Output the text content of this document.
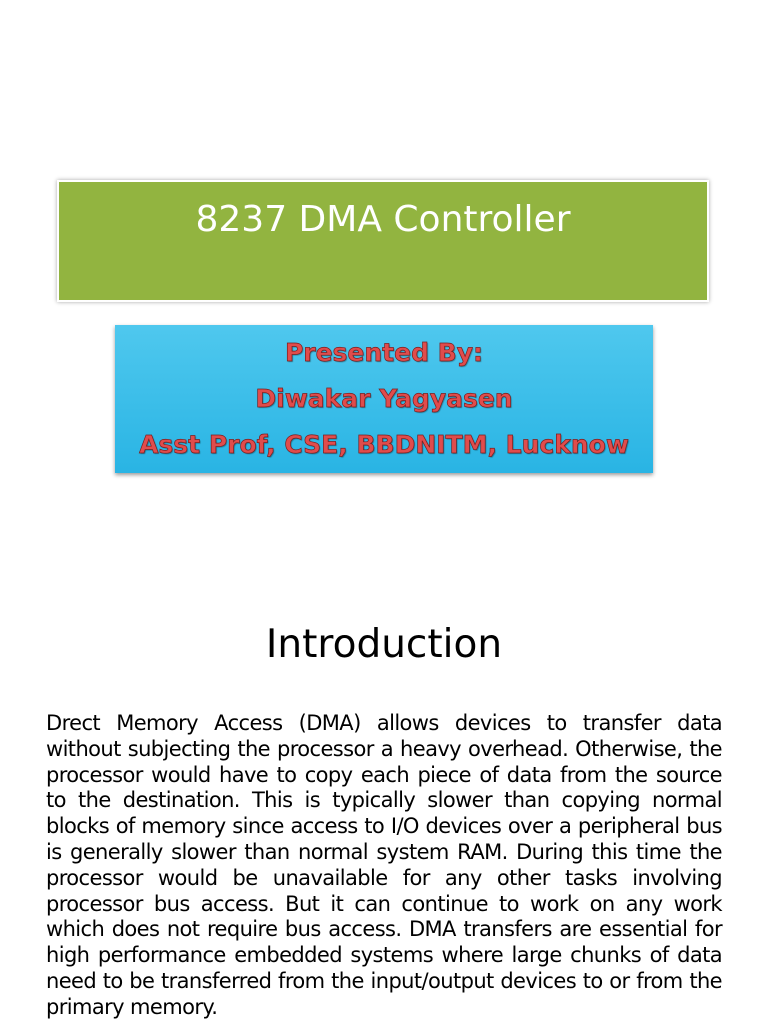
8237 DMA Controller
Presented By:
Diwakar Yagyasen
Asst Prof, CSE, BBDNITM, Lucknow
Introduction

Drect Memory Access (DMA) allows devices to transfer data without subjecting the processor a heavy overhead. Otherwise, the processor would have to copy each piece of data from the source to the destination. This is typically slower than copying normal blocks of memory since access to I/O devices over a peripheral bus is generally slower than normal system RAM. During this time the processor would be unavailable for any other tasks involving processor bus access. But it can continue to work on any work which does not require bus access. DMA transfers are essential for high performance embedded systems where large chunks of data need to be transferred from the input/output devices to or from the primary memory.
